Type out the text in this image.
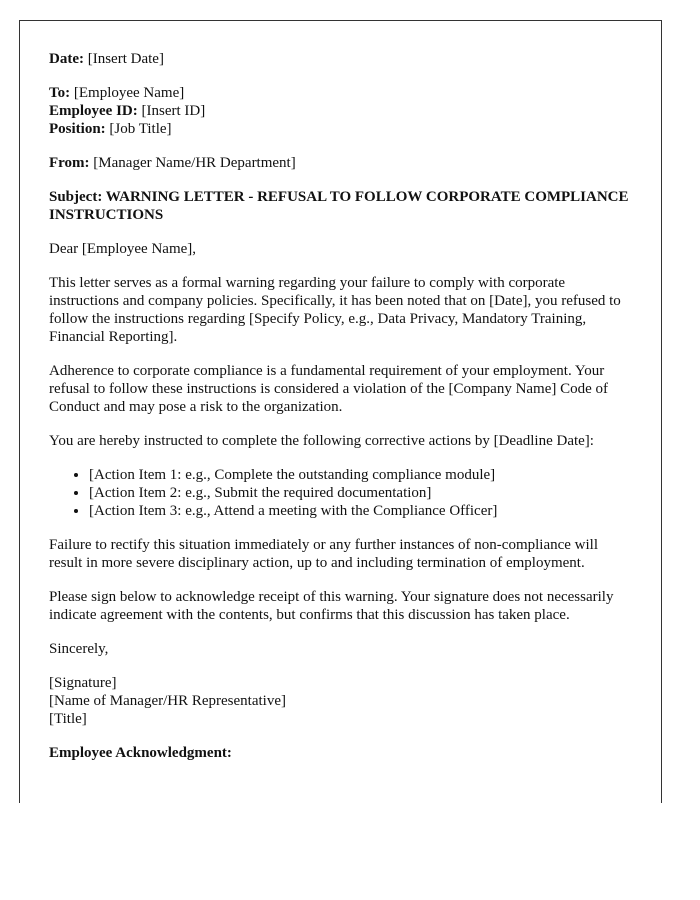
Date: [Insert Date]

To: [Employee Name]
Employee ID: [Insert ID]
Position: [Job Title]

From: [Manager Name/HR Department]

Subject: WARNING LETTER - REFUSAL TO FOLLOW CORPORATE COMPLIANCE INSTRUCTIONS

Dear [Employee Name],

This letter serves as a formal warning regarding your failure to comply with corporate instructions and company policies. Specifically, it has been noted that on [Date], you refused to follow the instructions regarding [Specify Policy, e.g., Data Privacy, Mandatory Training, Financial Reporting].

Adherence to corporate compliance is a fundamental requirement of your employment. Your refusal to follow these instructions is considered a violation of the [Company Name] Code of Conduct and may pose a risk to the organization.

You are hereby instructed to complete the following corrective actions by [Deadline Date]:

• [Action Item 1: e.g., Complete the outstanding compliance module]
• [Action Item 2: e.g., Submit the required documentation]
• [Action Item 3: e.g., Attend a meeting with the Compliance Officer]

Failure to rectify this situation immediately or any further instances of non-compliance will result in more severe disciplinary action, up to and including termination of employment.

Please sign below to acknowledge receipt of this warning. Your signature does not necessarily indicate agreement with the contents, but confirms that this discussion has taken place.

Sincerely,

[Signature]
[Name of Manager/HR Representative]
[Title]

Employee Acknowledgment:
